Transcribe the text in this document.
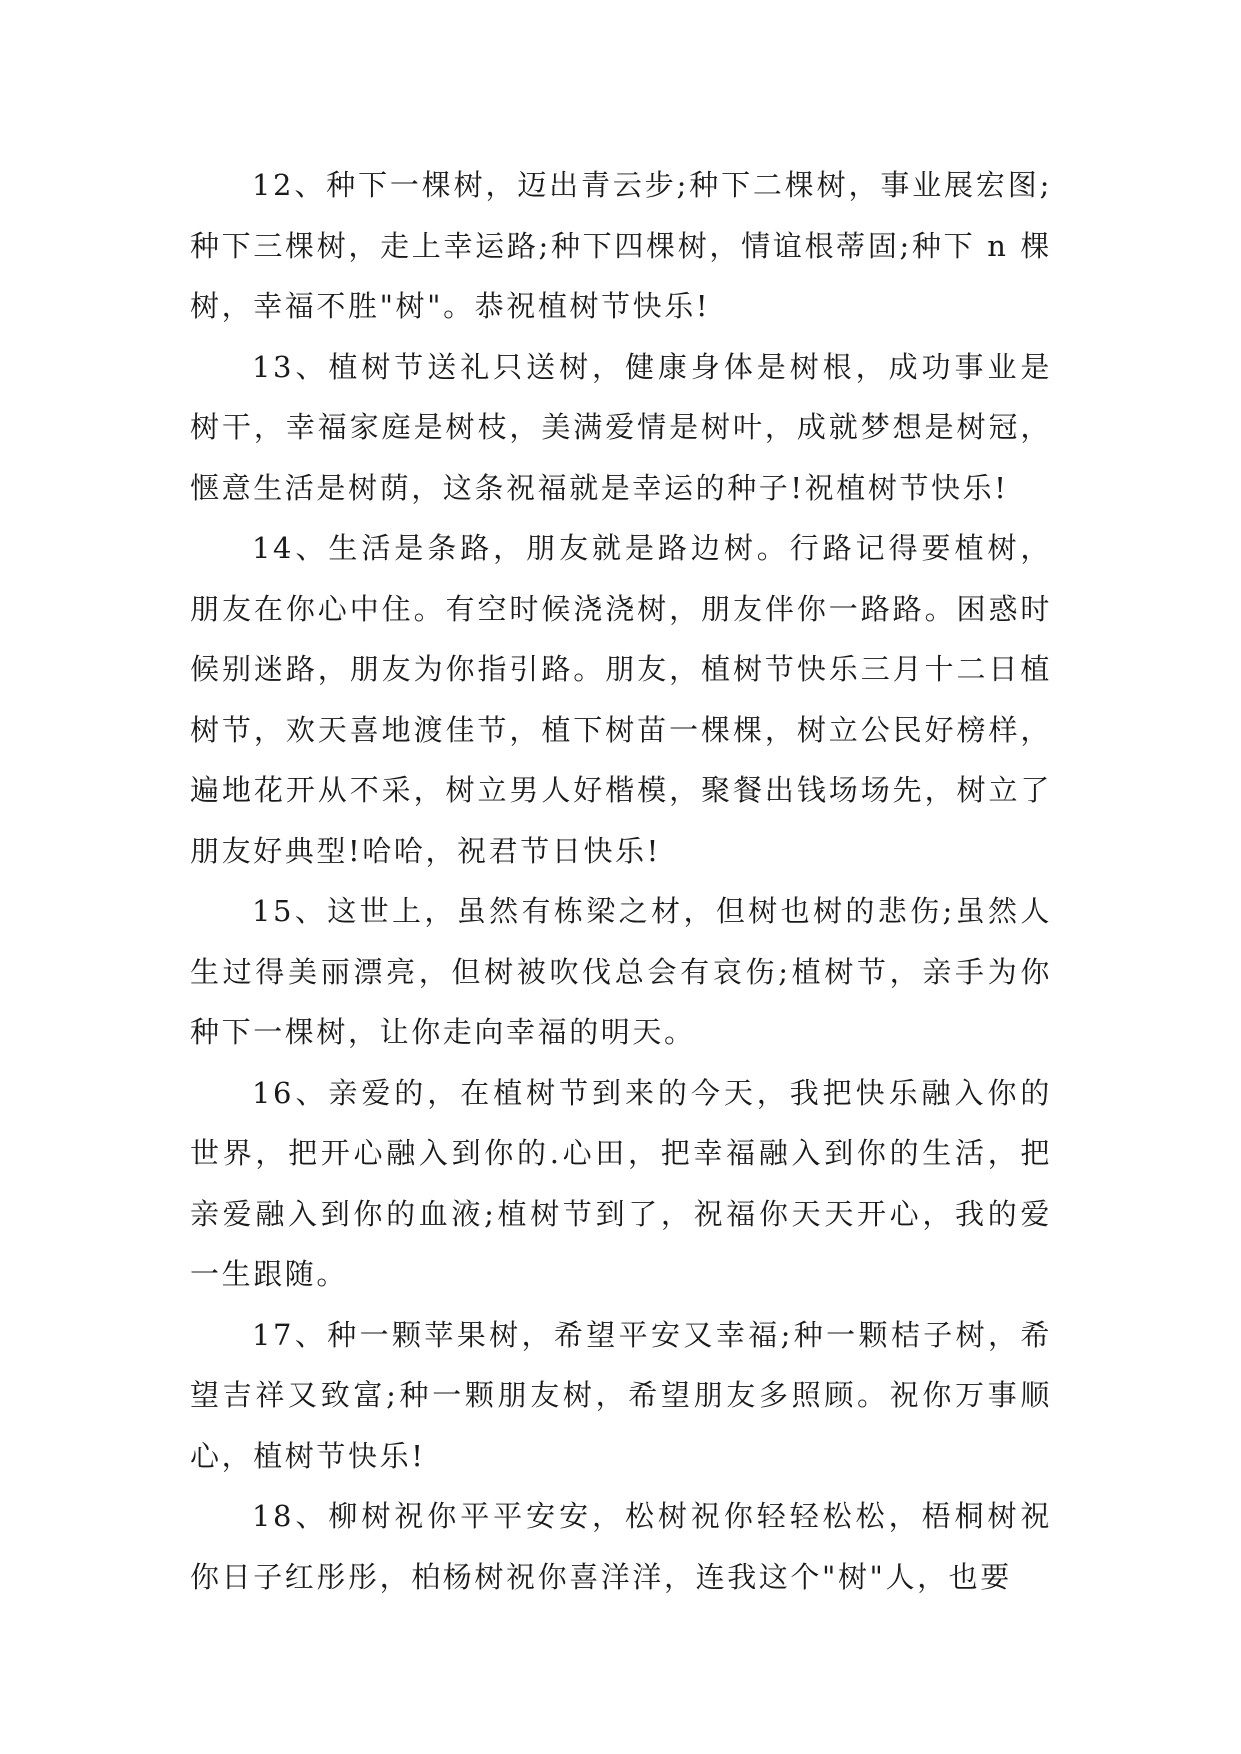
12、种下一棵树，迈出青云步;种下二棵树，事业展宏图;种下三棵树，走上幸运路;种下四棵树，情谊根蒂固;种下 n 棵树，幸福不胜"树"。恭祝植树节快乐!

13、植树节送礼只送树，健康身体是树根，成功事业是树干，幸福家庭是树枝，美满爱情是树叶，成就梦想是树冠，惬意生活是树荫，这条祝福就是幸运的种子!祝植树节快乐!

14、生活是条路，朋友就是路边树。行路记得要植树，朋友在你心中住。有空时候浇浇树，朋友伴你一路路。困惑时候别迷路，朋友为你指引路。朋友，植树节快乐三月十二日植树节，欢天喜地渡佳节，植下树苗一棵棵，树立公民好榜样，遍地花开从不采，树立男人好楷模，聚餐出钱场场先，树立了朋友好典型!哈哈，祝君节日快乐!

15、这世上，虽然有栋梁之材，但树也树的悲伤;虽然人生过得美丽漂亮，但树被吹伐总会有哀伤;植树节，亲手为你种下一棵树，让你走向幸福的明天。

16、亲爱的，在植树节到来的今天，我把快乐融入你的世界，把开心融入到你的.心田，把幸福融入到你的生活，把亲爱融入到你的血液;植树节到了，祝福你天天开心，我的爱一生跟随。

17、种一颗苹果树，希望平安又幸福;种一颗桔子树，希望吉祥又致富;种一颗朋友树，希望朋友多照顾。祝你万事顺心，植树节快乐!

18、柳树祝你平平安安，松树祝你轻轻松松，梧桐树祝你日子红彤彤，柏杨树祝你喜洋洋，连我这个"树"人，也要
